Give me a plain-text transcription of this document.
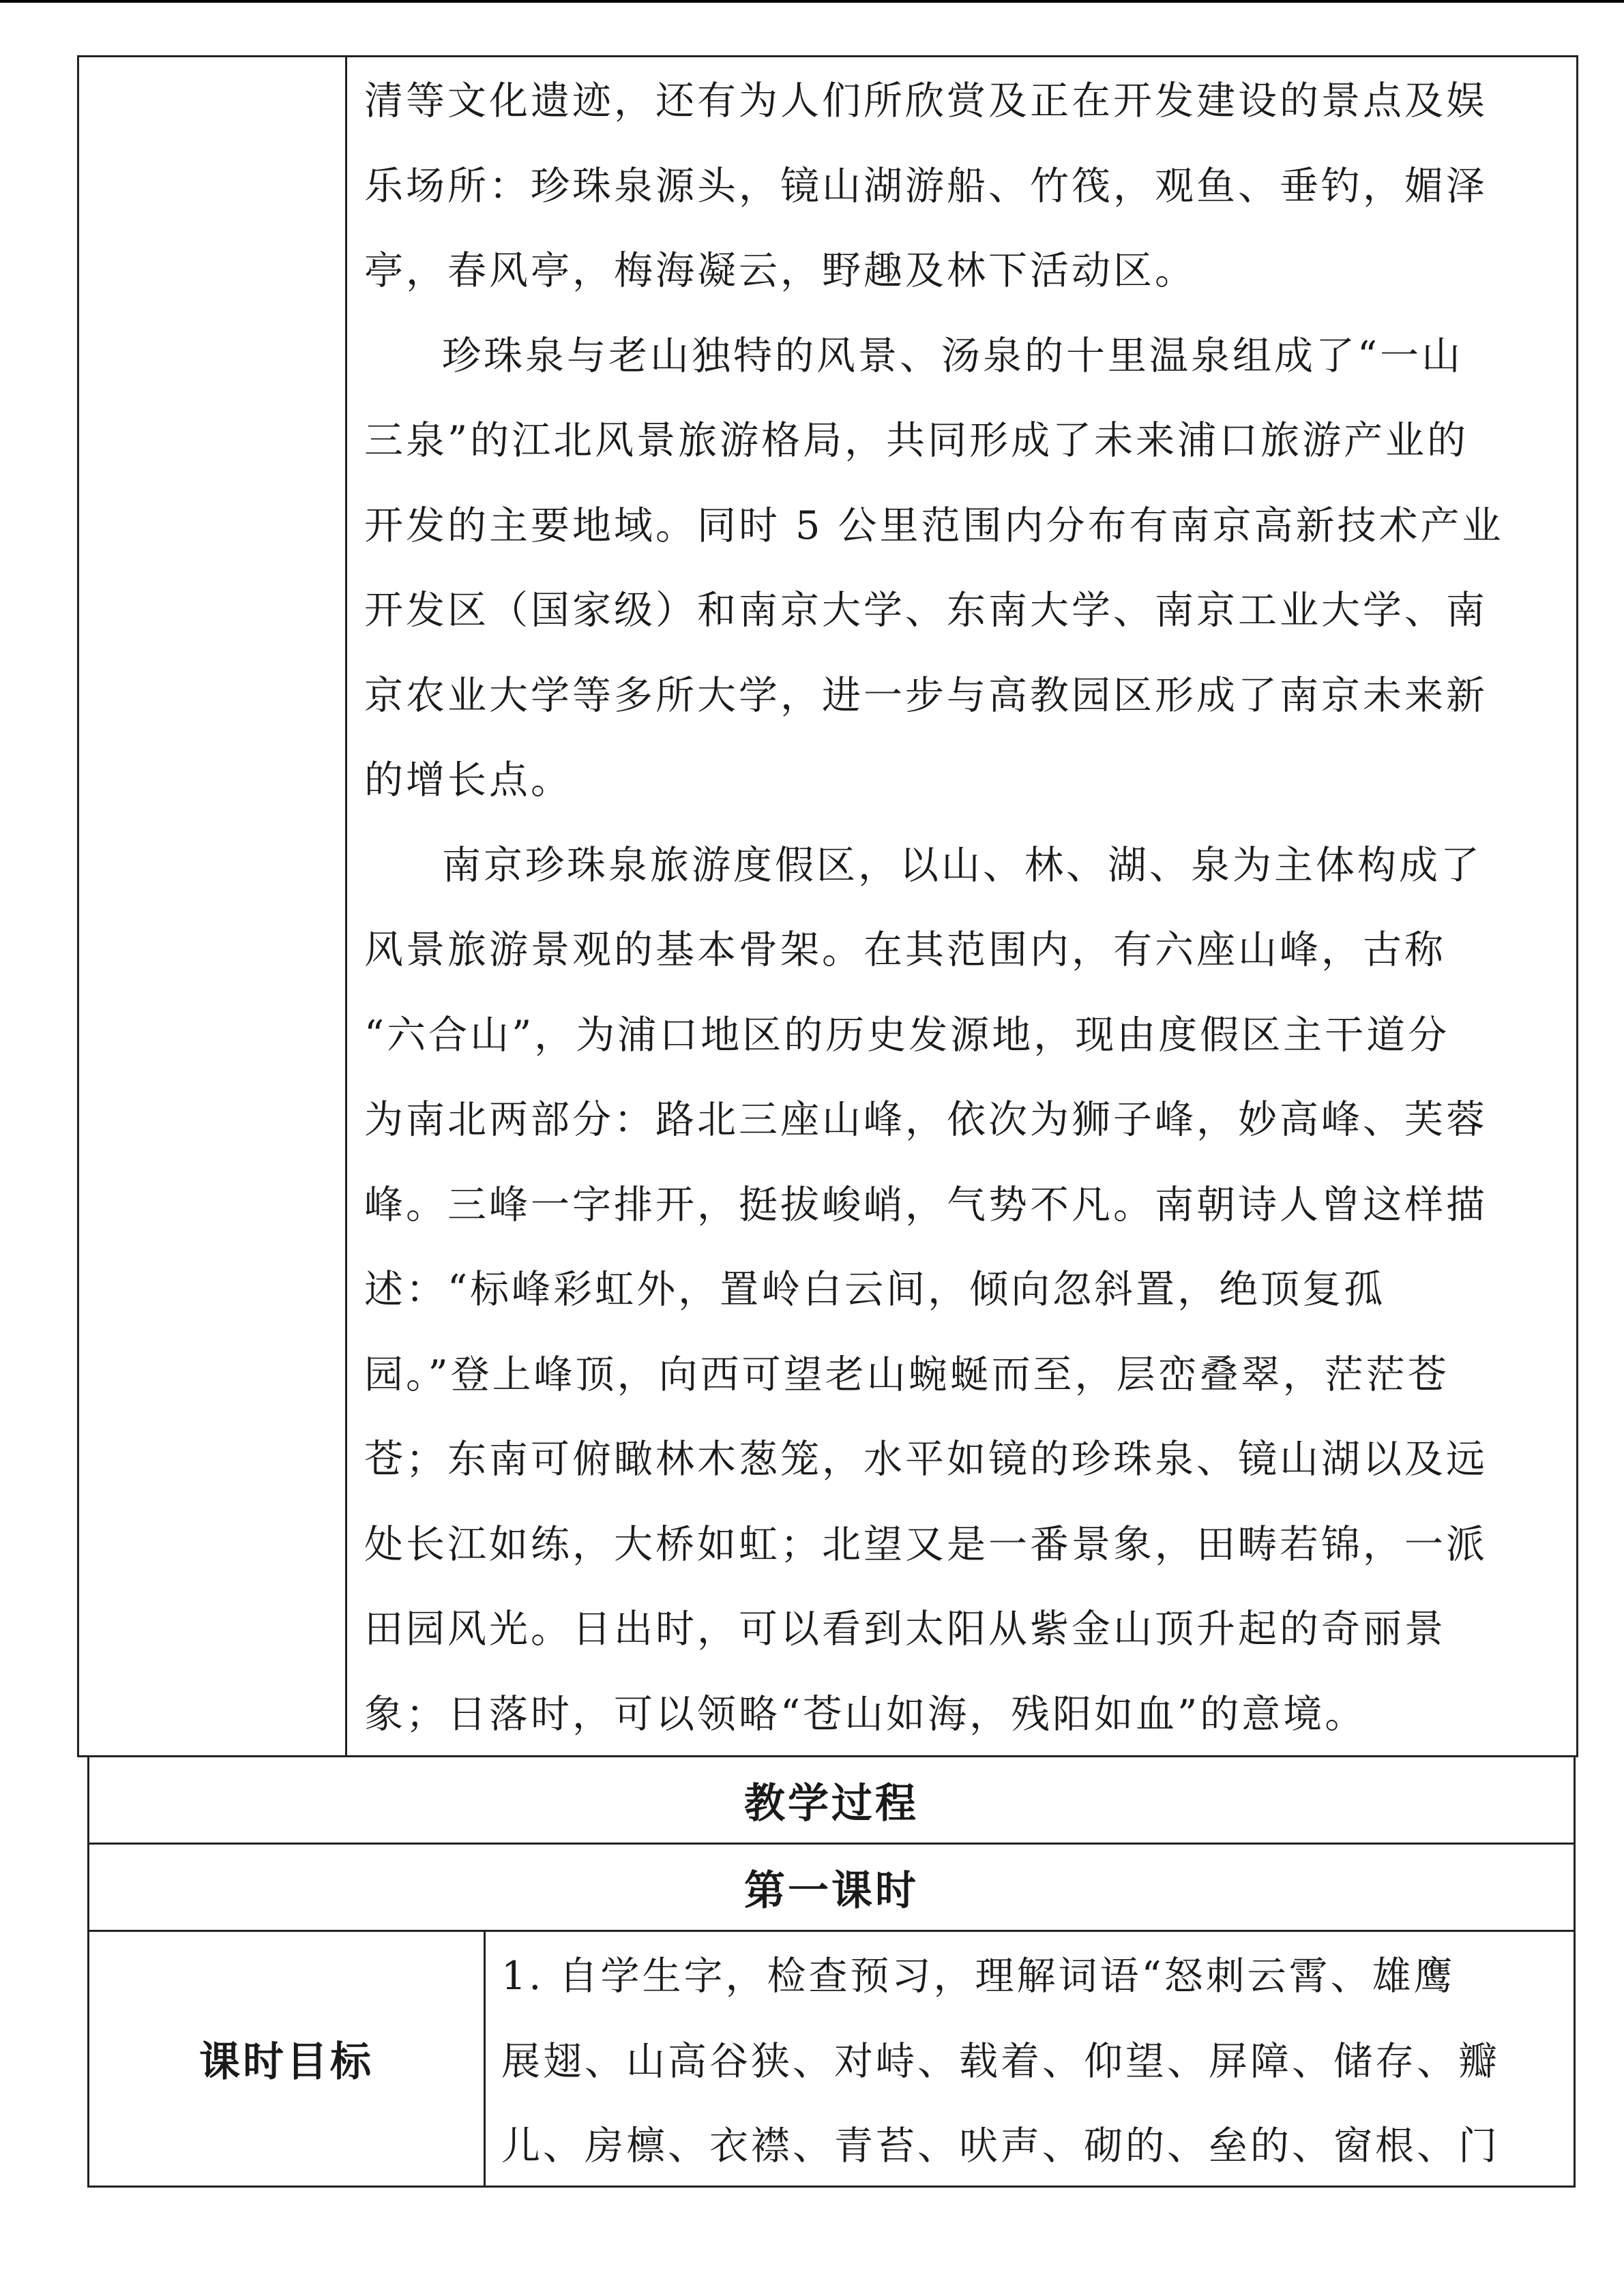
清等文化遗迹，还有为人们所欣赏及正在开发建设的景点及娱

乐场所：珍珠泉源头，镜山湖游船、竹筏，观鱼、垂钓，媚泽

亭，春风亭，梅海凝云，野趣及林下活动区。

珍珠泉与老山独特的风景、汤泉的十里温泉组成了“一山

三泉”的江北风景旅游格局，共同形成了未来浦口旅游产业的

开发的主要地域。同时 5 公里范围内分布有南京高新技术产业

开发区（国家级）和南京大学、东南大学、南京工业大学、南

京农业大学等多所大学，进一步与高教园区形成了南京未来新

的增长点。

南京珍珠泉旅游度假区，以山、林、湖、泉为主体构成了

风景旅游景观的基本骨架。在其范围内，有六座山峰，古称

“六合山”，为浦口地区的历史发源地，现由度假区主干道分

为南北两部分：路北三座山峰，依次为狮子峰，妙高峰、芙蓉

峰。三峰一字排开，挺拔峻峭，气势不凡。南朝诗人曾这样描

述：“标峰彩虹外，置岭白云间，倾向忽斜置，绝顶复孤

园。”登上峰顶，向西可望老山蜿蜒而至，层峦叠翠，茫茫苍

苍；东南可俯瞰林木葱笼，水平如镜的珍珠泉、镜山湖以及远

处长江如练，大桥如虹；北望又是一番景象，田畴若锦，一派

田园风光。日出时，可以看到太阳从紫金山顶升起的奇丽景

象；日落时，可以领略“苍山如海，残阳如血”的意境。

教学过程
第一课时
课时目标

1. 自学生字，检查预习，理解词语“怒刺云霄、雄鹰

展翅、山高谷狭、对峙、载着、仰望、屏障、储存、瓣

儿、房檩、衣襟、青苔、吠声、砌的、垒的、窗根、门
